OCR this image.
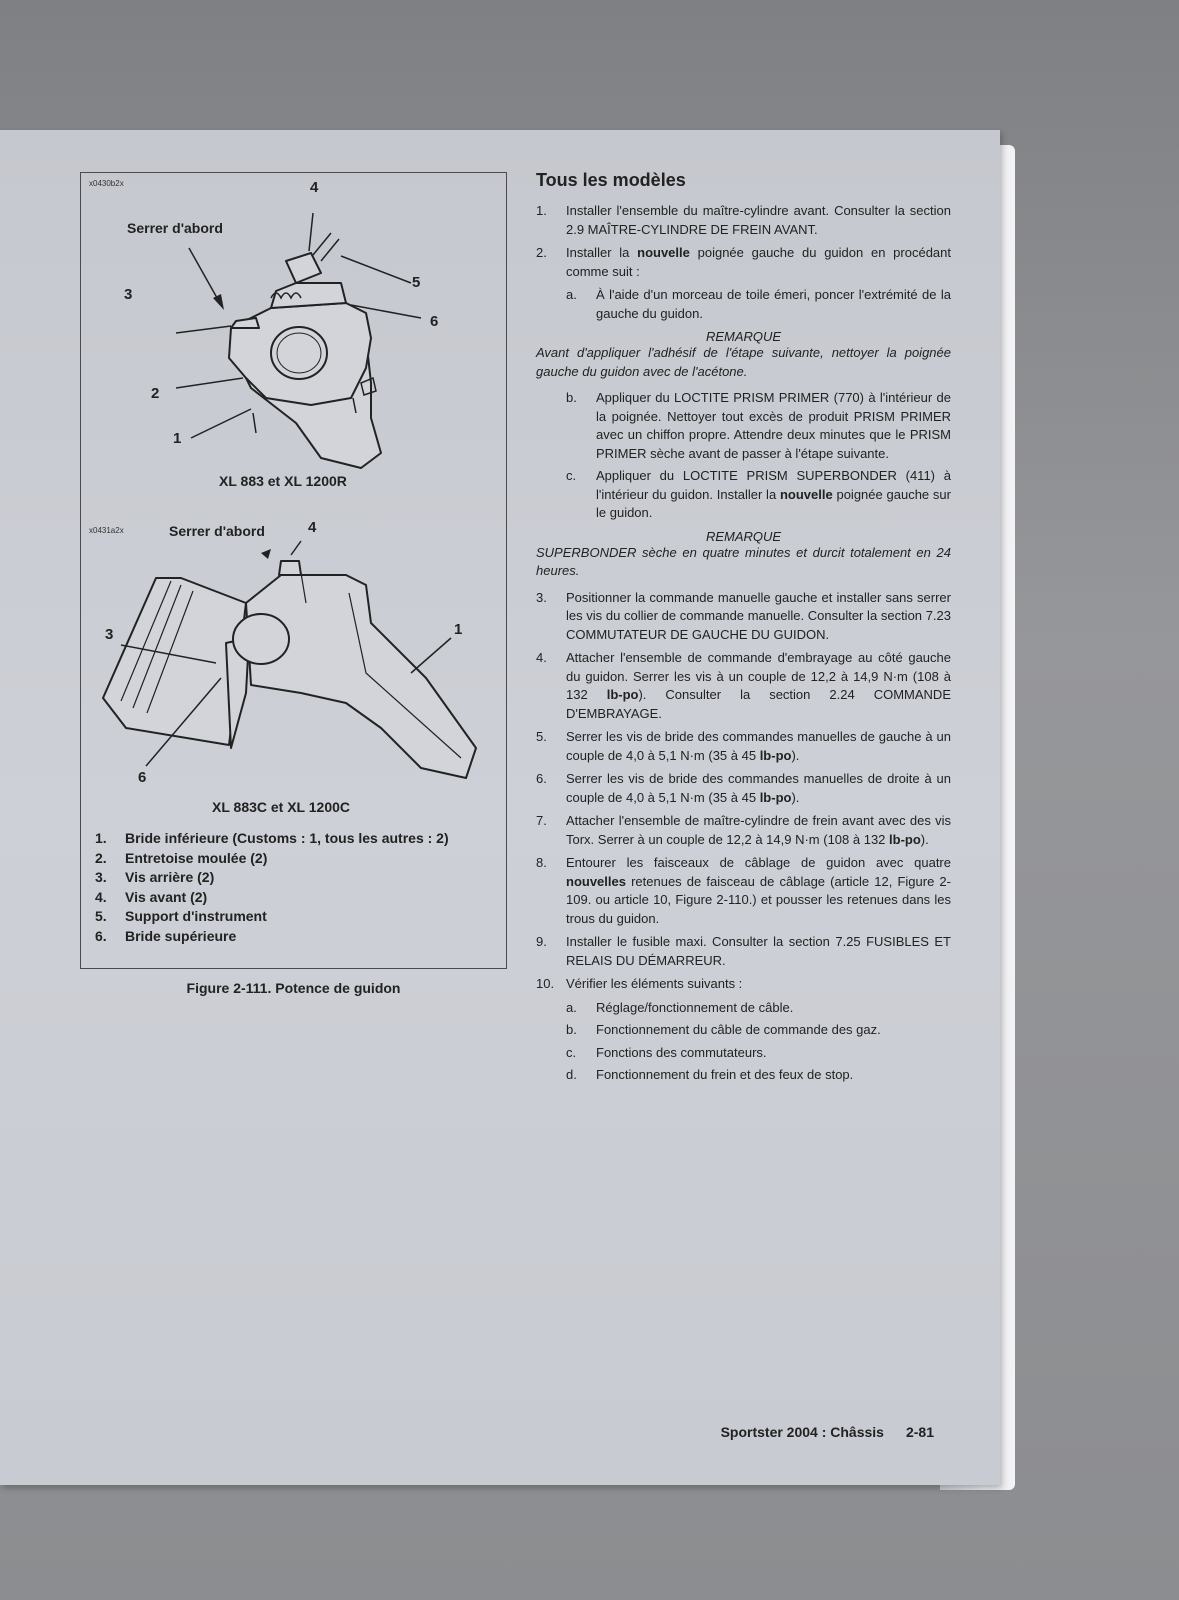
x0430b2x
Serrer d'abord
4
5
6
3
2
1
XL 883 et XL 1200R
x0431a2x	Serrer d'abord	4
3	1
6
XL 883C et XL 1200C
1.	Bride inférieure (Customs : 1, tous les autres : 2)
2.	Entretoise moulée (2)
3.	Vis arrière (2)
4.	Vis avant (2)
5.	Support d'instrument
6.	Bride supérieure
Figure 2-111. Potence de guidon
Tous les modèles
1.	Installer l'ensemble du maître-cylindre avant. Consulter la section 2.9 MAÎTRE-CYLINDRE DE FREIN AVANT.
2.	Installer la nouvelle poignée gauche du guidon en procédant comme suit :
a.	À l'aide d'un morceau de toile émeri, poncer l'extrémité de la gauche du guidon.
REMARQUE
Avant d'appliquer l'adhésif de l'étape suivante, nettoyer la poignée gauche du guidon avec de l'acétone.
b.	Appliquer du LOCTITE PRISM PRIMER (770) à l'intérieur de la poignée. Nettoyer tout excès de produit PRISM PRIMER avec un chiffon propre. Attendre deux minutes que le PRISM PRIMER sèche avant de passer à l'étape suivante.
c.	Appliquer du LOCTITE PRISM SUPERBONDER (411) à l'intérieur du guidon. Installer la nouvelle poignée gauche sur le guidon.
REMARQUE
SUPERBONDER sèche en quatre minutes et durcit totalement en 24 heures.
3.	Positionner la commande manuelle gauche et installer sans serrer les vis du collier de commande manuelle. Consulter la section 7.23 COMMUTATEUR DE GAUCHE DU GUIDON.
4.	Attacher l'ensemble de commande d'embrayage au côté gauche du guidon. Serrer les vis à un couple de 12,2 à 14,9 N·m (108 à 132 lb-po). Consulter la section 2.24 COMMANDE D'EMBRAYAGE.
5.	Serrer les vis de bride des commandes manuelles de gauche à un couple de 4,0 à 5,1 N·m (35 à 45 lb-po).
6.	Serrer les vis de bride des commandes manuelles de droite à un couple de 4,0 à 5,1 N·m (35 à 45 lb-po).
7.	Attacher l'ensemble de maître-cylindre de frein avant avec des vis Torx. Serrer à un couple de 12,2 à 14,9 N·m (108 à 132 lb-po).
8.	Entourer les faisceaux de câblage de guidon avec quatre nouvelles retenues de faisceau de câblage (article 12, Figure 2-109. ou article 10, Figure 2-110.) et pousser les retenues dans les trous du guidon.
9.	Installer le fusible maxi. Consulter la section 7.25 FUSIBLES ET RELAIS DU DÉMARREUR.
10. Vérifier les éléments suivants :
a.	Réglage/fonctionnement de câble.
b.	Fonctionnement du câble de commande des gaz.
c.	Fonctions des commutateurs.
d.	Fonctionnement du frein et des feux de stop.
Sportster 2004 : Châssis 2-81
